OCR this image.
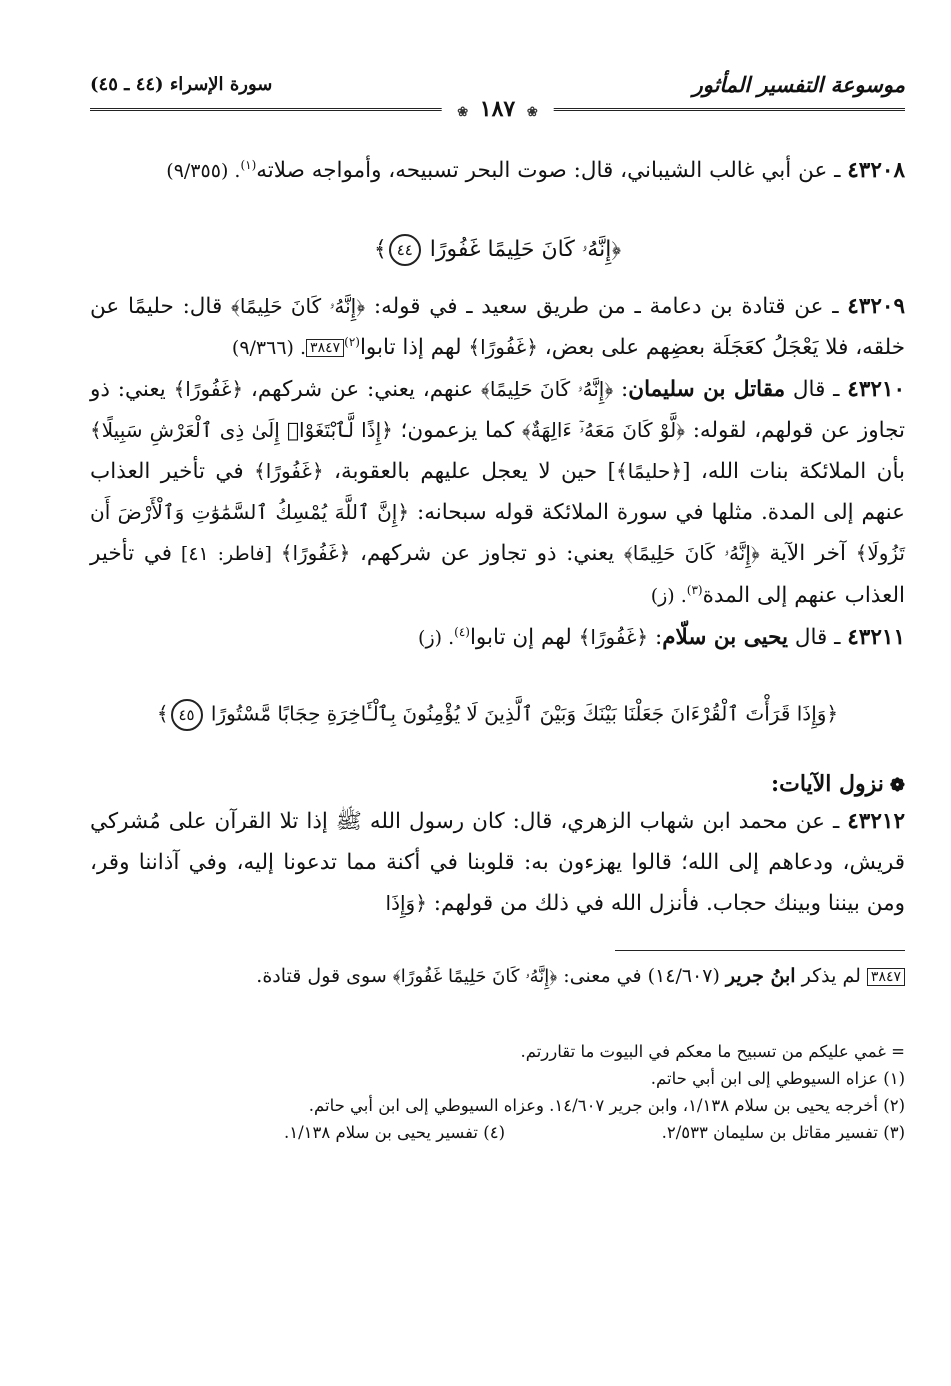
موسوعة التفسير المأثور
سورة الإسراء (٤٤ ـ ٤٥)
❀ ١٨٧ ❀

٤٣٢٠٨ ـ عن أبي غالب الشيباني، قال: صوت البحر تسبيحه، وأمواجه صلاته$^{(١)}$. (٩/٣٥٥)

﴿إِنَّهُۥ كَانَ حَلِيمًا غَفُورًا ٤٤﴾

٤٣٢٠٩ ـ عن قتادة بن دعامة ـ من طريق سعيد ـ في قوله: ﴿إِنَّهُۥ كَانَ حَلِيمًا﴾ قال: حليمًا عن خلقه، فلا يَعْجَلُ كعَجَلَة بعضِهم على بعض، ﴿غَفُورًا﴾ لهم إذا تابوا$^{(٢)}$٣٨٤٧. (٩/٣٦٦)

٤٣٢١٠ ـ قال مقاتل بن سليمان: ﴿إِنَّهُۥ كَانَ حَلِيمًا﴾ عنهم، يعني: عن شركهم، ﴿غَفُورًا﴾ يعني: ذو تجاوز عن قولهم، لقوله: ﴿لَّوْ كَانَ مَعَهُۥٓ ءَالِهَةٌ﴾ كما يزعمون؛ ﴿إِذًا لَّٱبْتَغَوْا۟ إِلَىٰ ذِى ٱلْعَرْشِ سَبِيلًا﴾ بأن الملائكة بنات الله، [﴿حليمًا﴾] حين لا يعجل عليهم بالعقوبة، ﴿غَفُورًا﴾ في تأخير العذاب عنهم إلى المدة. مثلها في سورة الملائكة قوله سبحانه: ﴿إِنَّ ٱللَّهَ يُمْسِكُ ٱلسَّمَٰوَٰتِ وَٱلْأَرْضَ أَن تَزُولَا﴾ آخر الآية ﴿إِنَّهُۥ كَانَ حَلِيمًا﴾ يعني: ذو تجاوز عن شركهم، ﴿غَفُورًا﴾ [فاطر: ٤١] في تأخير العذاب عنهم إلى المدة$^{(٣)}$. (ز)

٤٣٢١١ ـ قال يحيى بن سلّام: ﴿غَفُورًا﴾ لهم إن تابوا$^{(٤)}$. (ز)

﴿وَإِذَا قَرَأْتَ ٱلْقُرْءَانَ جَعَلْنَا بَيْنَكَ وَبَيْنَ ٱلَّذِينَ لَا يُؤْمِنُونَ بِٱلْـَٔاخِرَةِ حِجَابًا مَّسْتُورًا ٤٥﴾

❁نزول الآيات:

٤٣٢١٢ ـ عن محمد ابن شهاب الزهري، قال: كان رسول الله ﷺ إذا تلا القرآن على مُشركي قريش، ودعاهم إلى الله؛ قالوا يهزءون به: قلوبنا في أكنة مما تدعونا إليه، وفي آذاننا وقر، ومن بيننا وبينك حجاب. فأنزل الله في ذلك من قولهم: ﴿وَإِذَا

٣٨٤٧ لم يذكر ابنُ جرير (١٤/٦٠٧) في معنى: ﴿إِنَّهُۥ كَانَ حَلِيمًا غَفُورًا﴾ سوى قول قتادة.

= غمي عليكم من تسبيح ما معكم في البيوت ما تقاررتم.

(١) عزاه السيوطي إلى ابن أبي حاتم.

(٢) أخرجه يحيى بن سلام ١/١٣٨، وابن جرير ١٤/٦٠٧. وعزاه السيوطي إلى ابن أبي حاتم.

(٣) تفسير مقاتل بن سليمان ٢/٥٣٣.
(٤) تفسير يحيى بن سلام ١/١٣٨.
